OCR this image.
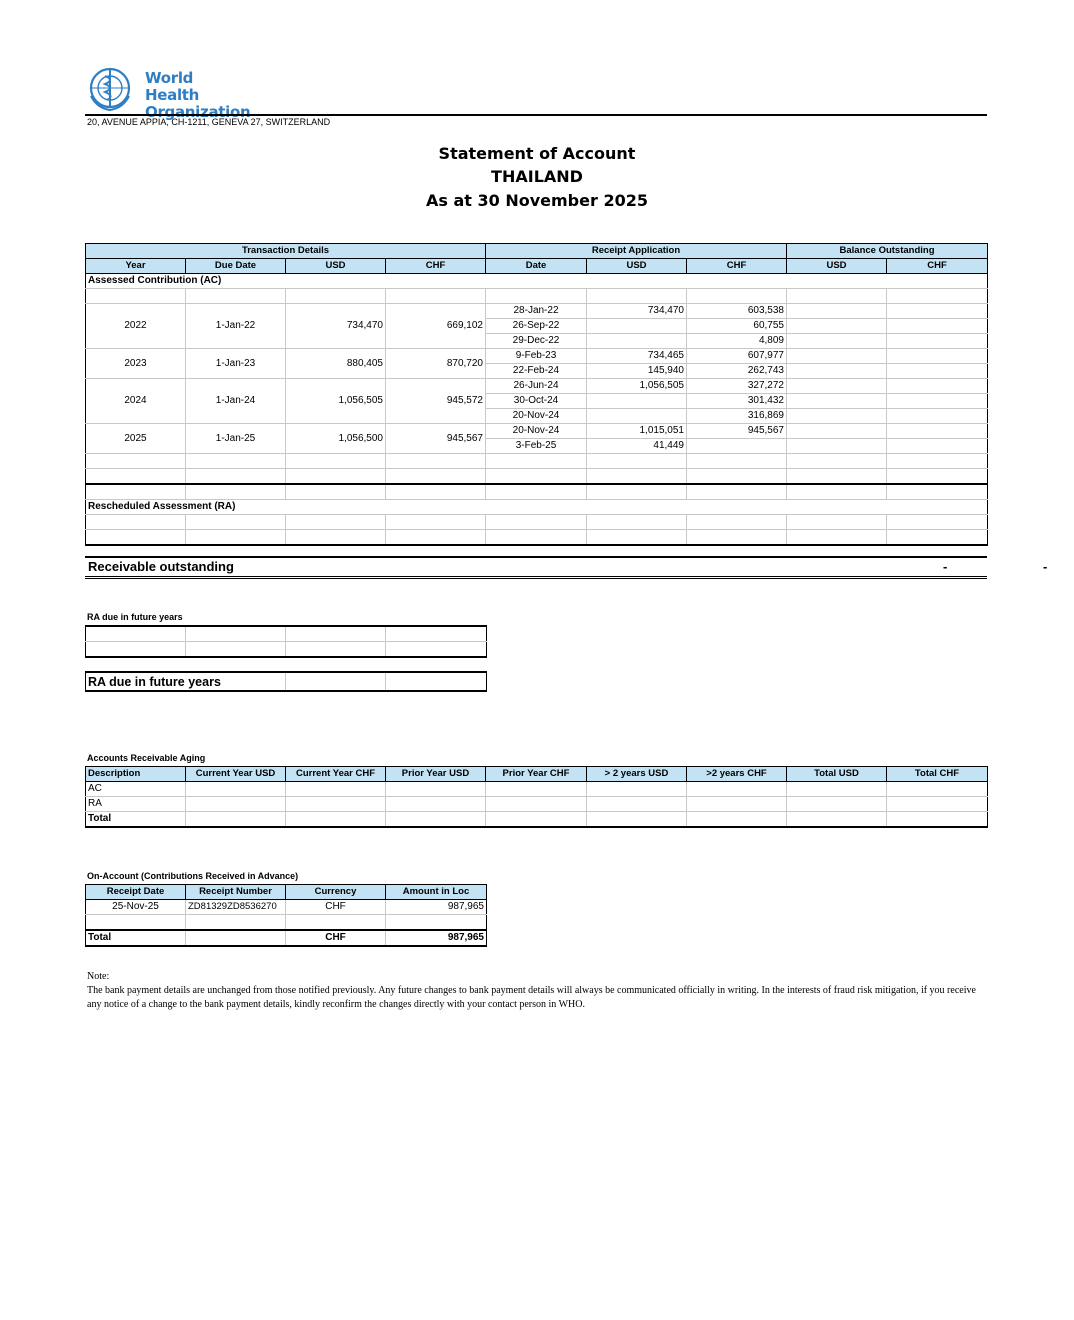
World Health
Organization
20, AVENUE APPIA, CH-1211, GENEVA 27, SWITZERLAND
Statement of Account
THAILAND
As at 30 November 2025
Transaction Details				Receipt Application			Balance Outstanding	
Year	Due Date	USD	CHF	Date	USD	CHF	USD	CHF
Assessed Contribution (AC)								

2022	1-Jan-22	734,470	669,102	28-Jan-22	734,470	603,538		
				26-Sep-22		60,755		
				29-Dec-22		4,809		
2023	1-Jan-23	880,405	870,720	9-Feb-23	734,465	607,977		
				22-Feb-24	145,940	262,743		
2024	1-Jan-24	1,056,505	945,572	26-Jun-24	1,056,505	327,272		
				30-Oct-24		301,432		
				20-Nov-24		316,869		
2025	1-Jan-25	1,056,500	945,567	20-Nov-24	1,015,051	945,567		
				3-Feb-25	41,449			

Rescheduled Assessment (RA)								

Receivable outstanding	-	-
RA due in future years

RA due in future years		
Accounts Receivable Aging
Description	Current Year USD	Current Year CHF	Prior Year USD	Prior Year CHF	> 2 years USD	>2 years CHF	Total USD	Total CHF
AC								
RA								
Total								
On-Account (Contributions Received in Advance)
Receipt Date	Receipt Number	Currency	Amount in Loc
25-Nov-25	ZD81329ZD8536270	CHF	987,965

Total		CHF	987,965
Note:
The bank payment details are unchanged from those notified previously. Any future changes to bank payment details will always be communicated officially in writing. In the interests of fraud risk mitigation, if you receive any notice of a change to the bank payment details, kindly reconfirm the changes directly with your contact person in WHO.
